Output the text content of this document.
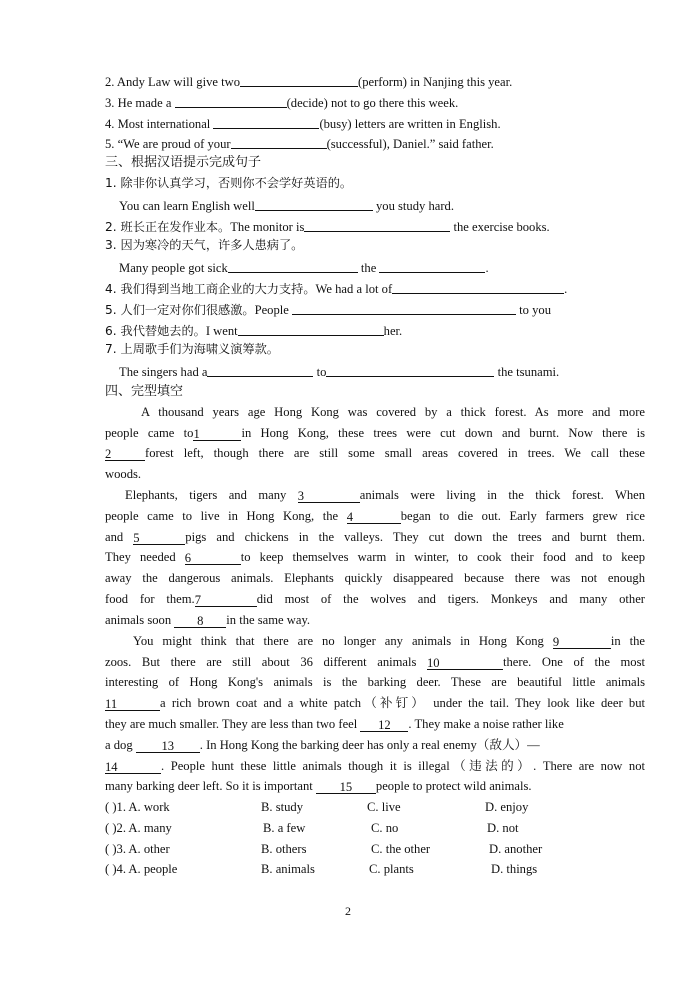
2. Andy Law will give two	(perform) in Nanjing this year.
3. He made a	(decide) not to go there this week.
4. Most international	(busy) letters are written in English.
5. “We are proud of your	(successful), Daniel.” said father.
三、根据汉语提示完成句子
1. 除非你认真学习，否则你不会学好英语的。
You can learn English well	you study hard.
2. 班长正在发作业本。The monitor is	the exercise books.
3. 因为寒冷的天气，许多人患病了。
Many people got sick	the	.
4. 我们得到当地工商企业的大力支持。We had a lot of	.
5. 人们一定对你们很感激。People	to you
6. 我代替她去的。I went	her.
7. 上周歌手们为海啸义演筹款。
The singers had a	to	the tsunami.
四、完型填空
A thousand years age Hong Kong was covered by a thick forest. As more and more
people came to1	in Hong Kong, these trees were cut down and burnt. Now there is
2	forest left, though there are still some small areas covered in trees. We call these
woods.
Elephants, tigers and many 3	animals were living in the thick forest. When
people came to live in Hong Kong, the 4	began to die out. Early farmers grew rice
and 5	pigs and chickens in the valleys. They cut down the trees and burnt them.
They needed 6	to keep themselves warm in winter, to cook their food and to keep
away the dangerous animals. Elephants quickly disappeared because there was not enough
food for them.7	did most of the wolves and tigers. Monkeys and many other
animals soon 8 in the same way.
You might think that there are no longer any animals in Hong Kong 9	in the
zoos. But there are still about 36 different animals 10	there. One of the most
interesting of Hong Kong's animals is the barking deer. These are beautiful little animals
11	a rich brown coat and a white patch（补钉） under the tail. They look like deer but
they are much smaller. They are less than two feel 12 . They make a noise rather like
a dog 13 . In Hong Kong the barking deer has only a real enemy（敌人）—
14	. People hunt these little animals though it is illegal（违法的）. There are now not
many barking deer left. So it is important 15 people to protect wild animals.
( )1. A. work	B. study	C. live	D. enjoy
( )2. A. many	B. a few	C. no	D. not
( )3. A. other	B. others	C. the other	D. another
( )4. A. people	B. animals	C. plants	D. things
2
